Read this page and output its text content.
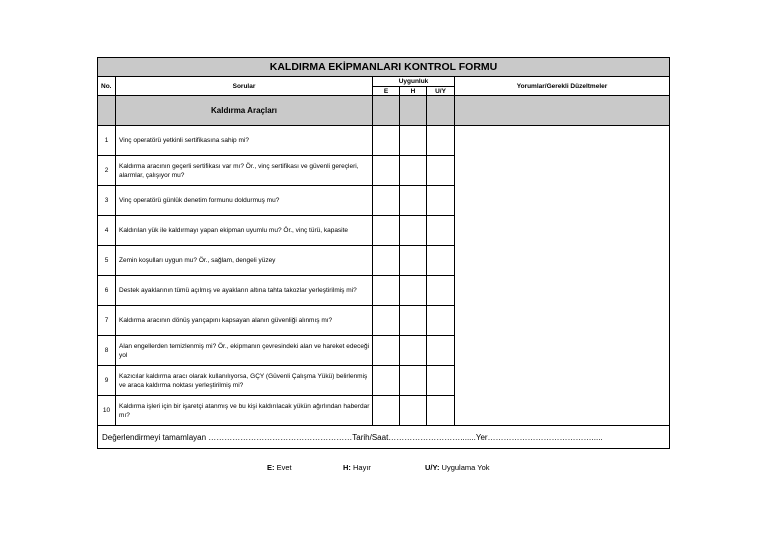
KALDIRMA EKİPMANLARI KONTROL FORMU					
No.	Sorular	Uygunluk			Yorumlar/Gerekli Düzeltmeler
		E	H	U/Y	
	Kaldırma Araçları				
1	Vinç operatörü yetkinli sertifikasına sahip mi?				
2	Kaldırma aracının geçerli sertifikası var mı? Ör., vinç sertifikası ve güvenli gereçleri, alarmlar, çalışıyor mu?				
3	Vinç operatörü günlük denetim formunu doldurmuş mu?				
4	Kaldırılan yük ile kaldırmayı yapan ekipman uyumlu mu? Ör., vinç türü, kapasite				
5	Zemin koşulları uygun mu? Ör., sağlam, dengeli yüzey				
6	Destek ayaklarının tümü açılmış ve ayakların altına tahta takozlar yerleştirilmiş mi?				
7	Kaldırma aracının dönüş yarıçapını kapsayan alanın güvenliği alınmış mı?				
8	Alan engellerden temizlenmiş mi? Ör., ekipmanın çevresindeki alan ve hareket edeceği yol				
9	Kazıcılar kaldırma aracı olarak kullanılıyorsa, GÇY (Güvenli Çalışma Yükü) belirlenmiş ve araca kaldırma noktası yerleştirilmiş mi?				
10	Kaldırma işleri için bir işaretçi atanmış ve bu kişi kaldırılacak yükün ağırlından haberdar mı?				
Değerlendirmeyi tamamlayan ………………………………………………Tarih/Saat……………………….......Yer………………………………….....					
E: Evet	H: Hayır	U/Y: Uygulama Yok
